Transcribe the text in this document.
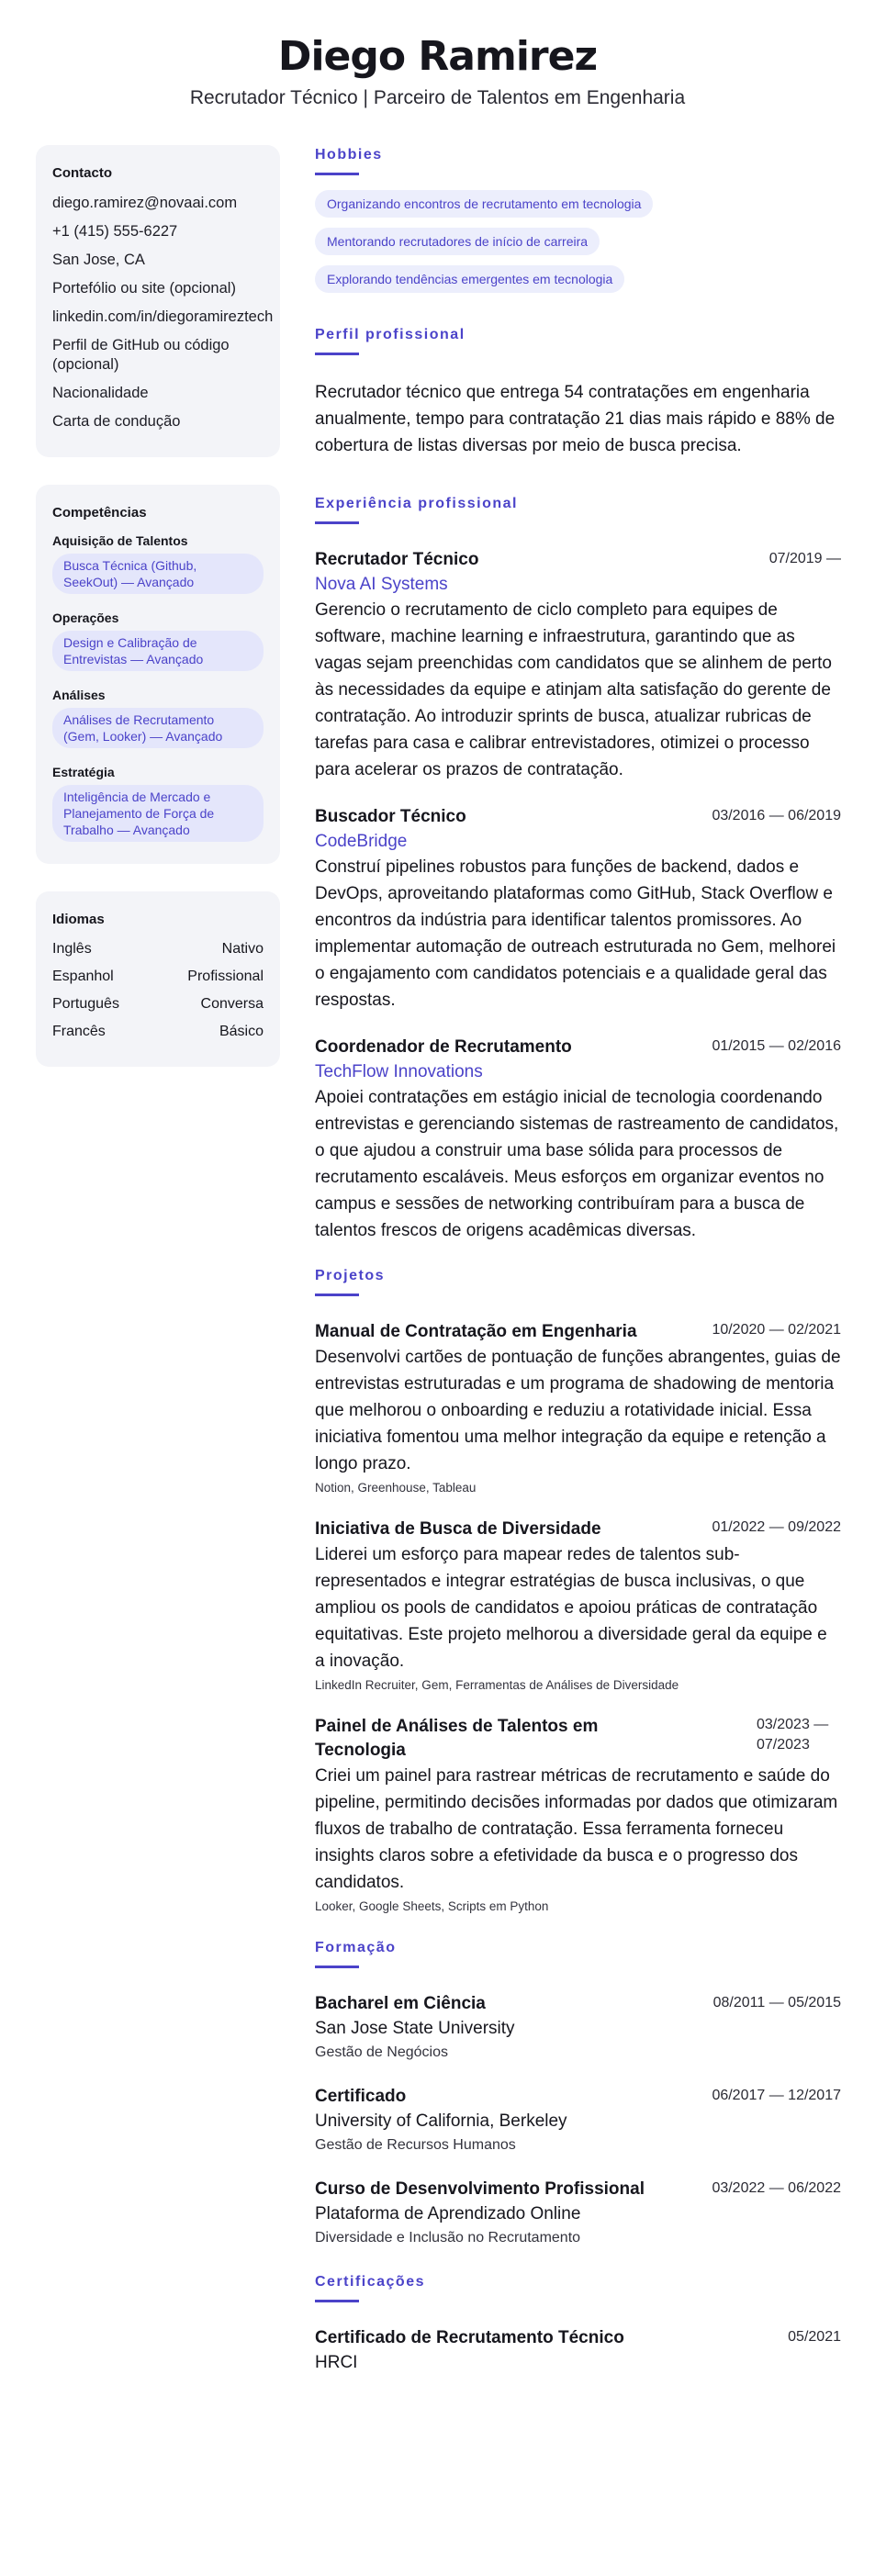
Diego Ramirez
Recrutador Técnico | Parceiro de Talentos em Engenharia
Contacto
diego.ramirez@novaai.com
+1 (415) 555-6227
San Jose, CA
Portefólio ou site (opcional)
linkedin.com/in/diegoramireztech
Perfil de GitHub ou código (opcional)
Nacionalidade
Carta de condução
Competências
Aquisição de Talentos
Busca Técnica (Github, SeekOut) — Avançado
Operações
Design e Calibração de Entrevistas — Avançado
Análises
Análises de Recrutamento (Gem, Looker) — Avançado
Estratégia
Inteligência de Mercado e Planejamento de Força de Trabalho — Avançado
Idiomas
Inglês	Nativo
Espanhol	Profissional
Português	Conversa
Francês	Básico
Hobbies
Organizando encontros de recrutamento em tecnologia
Mentorando recrutadores de início de carreira
Explorando tendências emergentes em tecnologia
Perfil profissional
Recrutador técnico que entrega 54 contratações em engenharia anualmente, tempo para contratação 21 dias mais rápido e 88% de cobertura de listas diversas por meio de busca precisa.
Experiência profissional
Recrutador Técnico	07/2019 —
Nova AI Systems
Gerencio o recrutamento de ciclo completo para equipes de software, machine learning e infraestrutura, garantindo que as vagas sejam preenchidas com candidatos que se alinhem de perto às necessidades da equipe e atinjam alta satisfação do gerente de contratação. Ao introduzir sprints de busca, atualizar rubricas de tarefas para casa e calibrar entrevistadores, otimizei o processo para acelerar os prazos de contratação.
Buscador Técnico	03/2016 — 06/2019
CodeBridge
Construí pipelines robustos para funções de backend, dados e DevOps, aproveitando plataformas como GitHub, Stack Overflow e encontros da indústria para identificar talentos promissores. Ao implementar automação de outreach estruturada no Gem, melhorei o engajamento com candidatos potenciais e a qualidade geral das respostas.
Coordenador de Recrutamento	01/2015 — 02/2016
TechFlow Innovations
Apoiei contratações em estágio inicial de tecnologia coordenando entrevistas e gerenciando sistemas de rastreamento de candidatos, o que ajudou a construir uma base sólida para processos de recrutamento escaláveis. Meus esforços em organizar eventos no campus e sessões de networking contribuíram para a busca de talentos frescos de origens acadêmicas diversas.
Projetos
Manual de Contratação em Engenharia	10/2020 — 02/2021
Desenvolvi cartões de pontuação de funções abrangentes, guias de entrevistas estruturadas e um programa de shadowing de mentoria que melhorou o onboarding e reduziu a rotatividade inicial. Essa iniciativa fomentou uma melhor integração da equipe e retenção a longo prazo.
Notion, Greenhouse, Tableau
Iniciativa de Busca de Diversidade	01/2022 — 09/2022
Liderei um esforço para mapear redes de talentos sub-representados e integrar estratégias de busca inclusivas, o que ampliou os pools de candidatos e apoiou práticas de contratação equitativas. Este projeto melhorou a diversidade geral da equipe e a inovação.
LinkedIn Recruiter, Gem, Ferramentas de Análises de Diversidade
Painel de Análises de Talentos em Tecnologia
03/2023 — 07/2023
Criei um painel para rastrear métricas de recrutamento e saúde do pipeline, permitindo decisões informadas por dados que otimizaram fluxos de trabalho de contratação. Essa ferramenta forneceu insights claros sobre a efetividade da busca e o progresso dos candidatos.
Looker, Google Sheets, Scripts em Python
Formação
Bacharel em Ciência	08/2011 — 05/2015
San Jose State University
Gestão de Negócios
Certificado	06/2017 — 12/2017
University of California, Berkeley
Gestão de Recursos Humanos
Curso de Desenvolvimento Profissional	03/2022 — 06/2022
Plataforma de Aprendizado Online
Diversidade e Inclusão no Recrutamento
Certificações
Certificado de Recrutamento Técnico	05/2021
HRCI
